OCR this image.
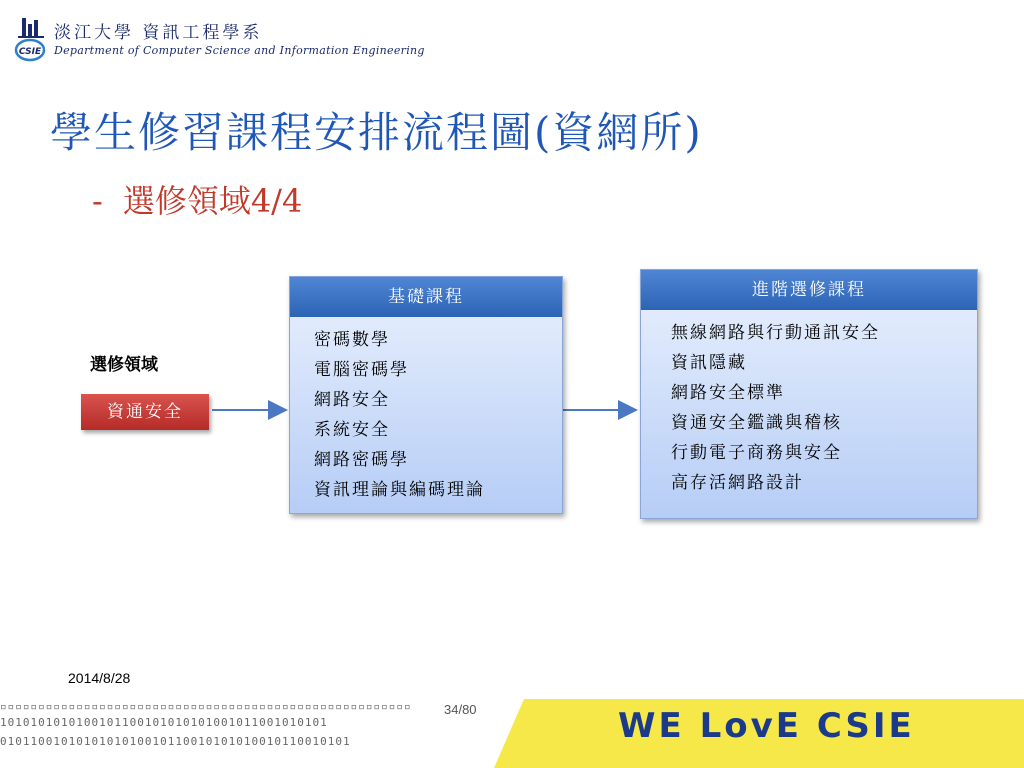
CSIE
淡江大學 資訊工程學系
Department of Computer Science and Information Engineering
學生修習課程安排流程圖(資網所)
- 選修領域4/4
選修領域
資通安全
基礎課程
密碼數學
電腦密碼學
網路安全
系統安全
網路密碼學
資訊理論與編碼理論
進階選修課程
無線網路與行動通訊安全
資訊隱藏
網路安全標準
資通安全鑑識與稽核
行動電子商務與安全
高存活網路設計
▫▫▫▫▫▫▫▫▫▫▫▫▫▫▫▫▫▫▫▫▫▫▫▫▫▫▫▫▫▫▫▫▫▫▫▫▫▫▫▫▫▫▫▫▫▫▫▫▫▫▫▫▫▫
1010101010100101100101010101001011001010101
0101100101010101010010110010101010010110010101
2014/8/28
34/80	WE LovE CSIE
